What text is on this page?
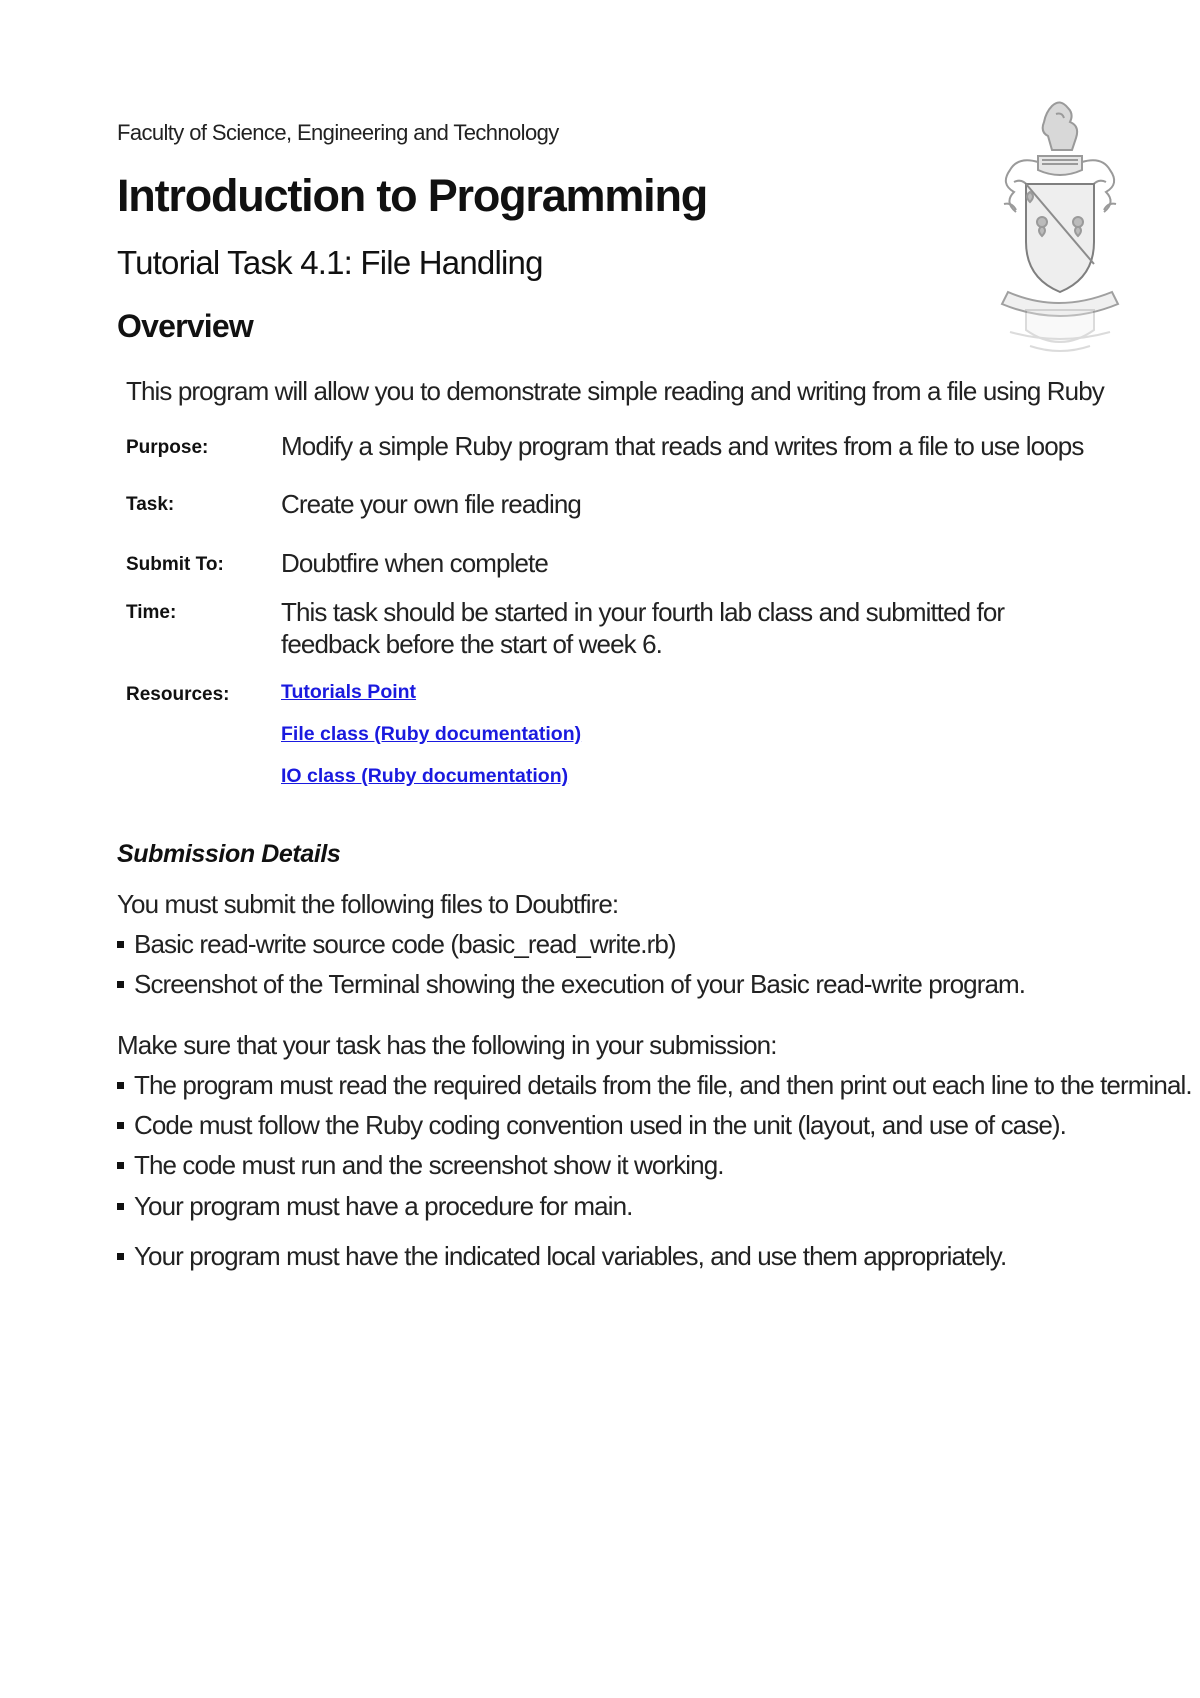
Faculty of Science, Engineering and Technology
Introduction to Programming
Tutorial Task 4.1: File Handling
Overview
This program will allow you to demonstrate simple reading and writing from a file using Ruby
Purpose:	Modify a simple Ruby program that reads and writes from a file to use loops
Task:	Create your own file reading
Submit To: Doubtfire when complete
Time:	This task should be started in your fourth lab class and submitted for
feedback before the start of week 6.
Resources:	Tutorials Point
File class (Ruby documentation)
IO class (Ruby documentation)
Submission Details
You must submit the following files to Doubtfire:
Basic read-write source code (basic_read_write.rb)
Screenshot of the Terminal showing the execution of your Basic read-write program.
Make sure that your task has the following in your submission:
The program must read the required details from the file, and then print out each line to the terminal.
Code must follow the Ruby coding convention used in the unit (layout, and use of case).
The code must run and the screenshot show it working.
Your program must have a procedure for main.
Your program must have the indicated local variables, and use them appropriately.
